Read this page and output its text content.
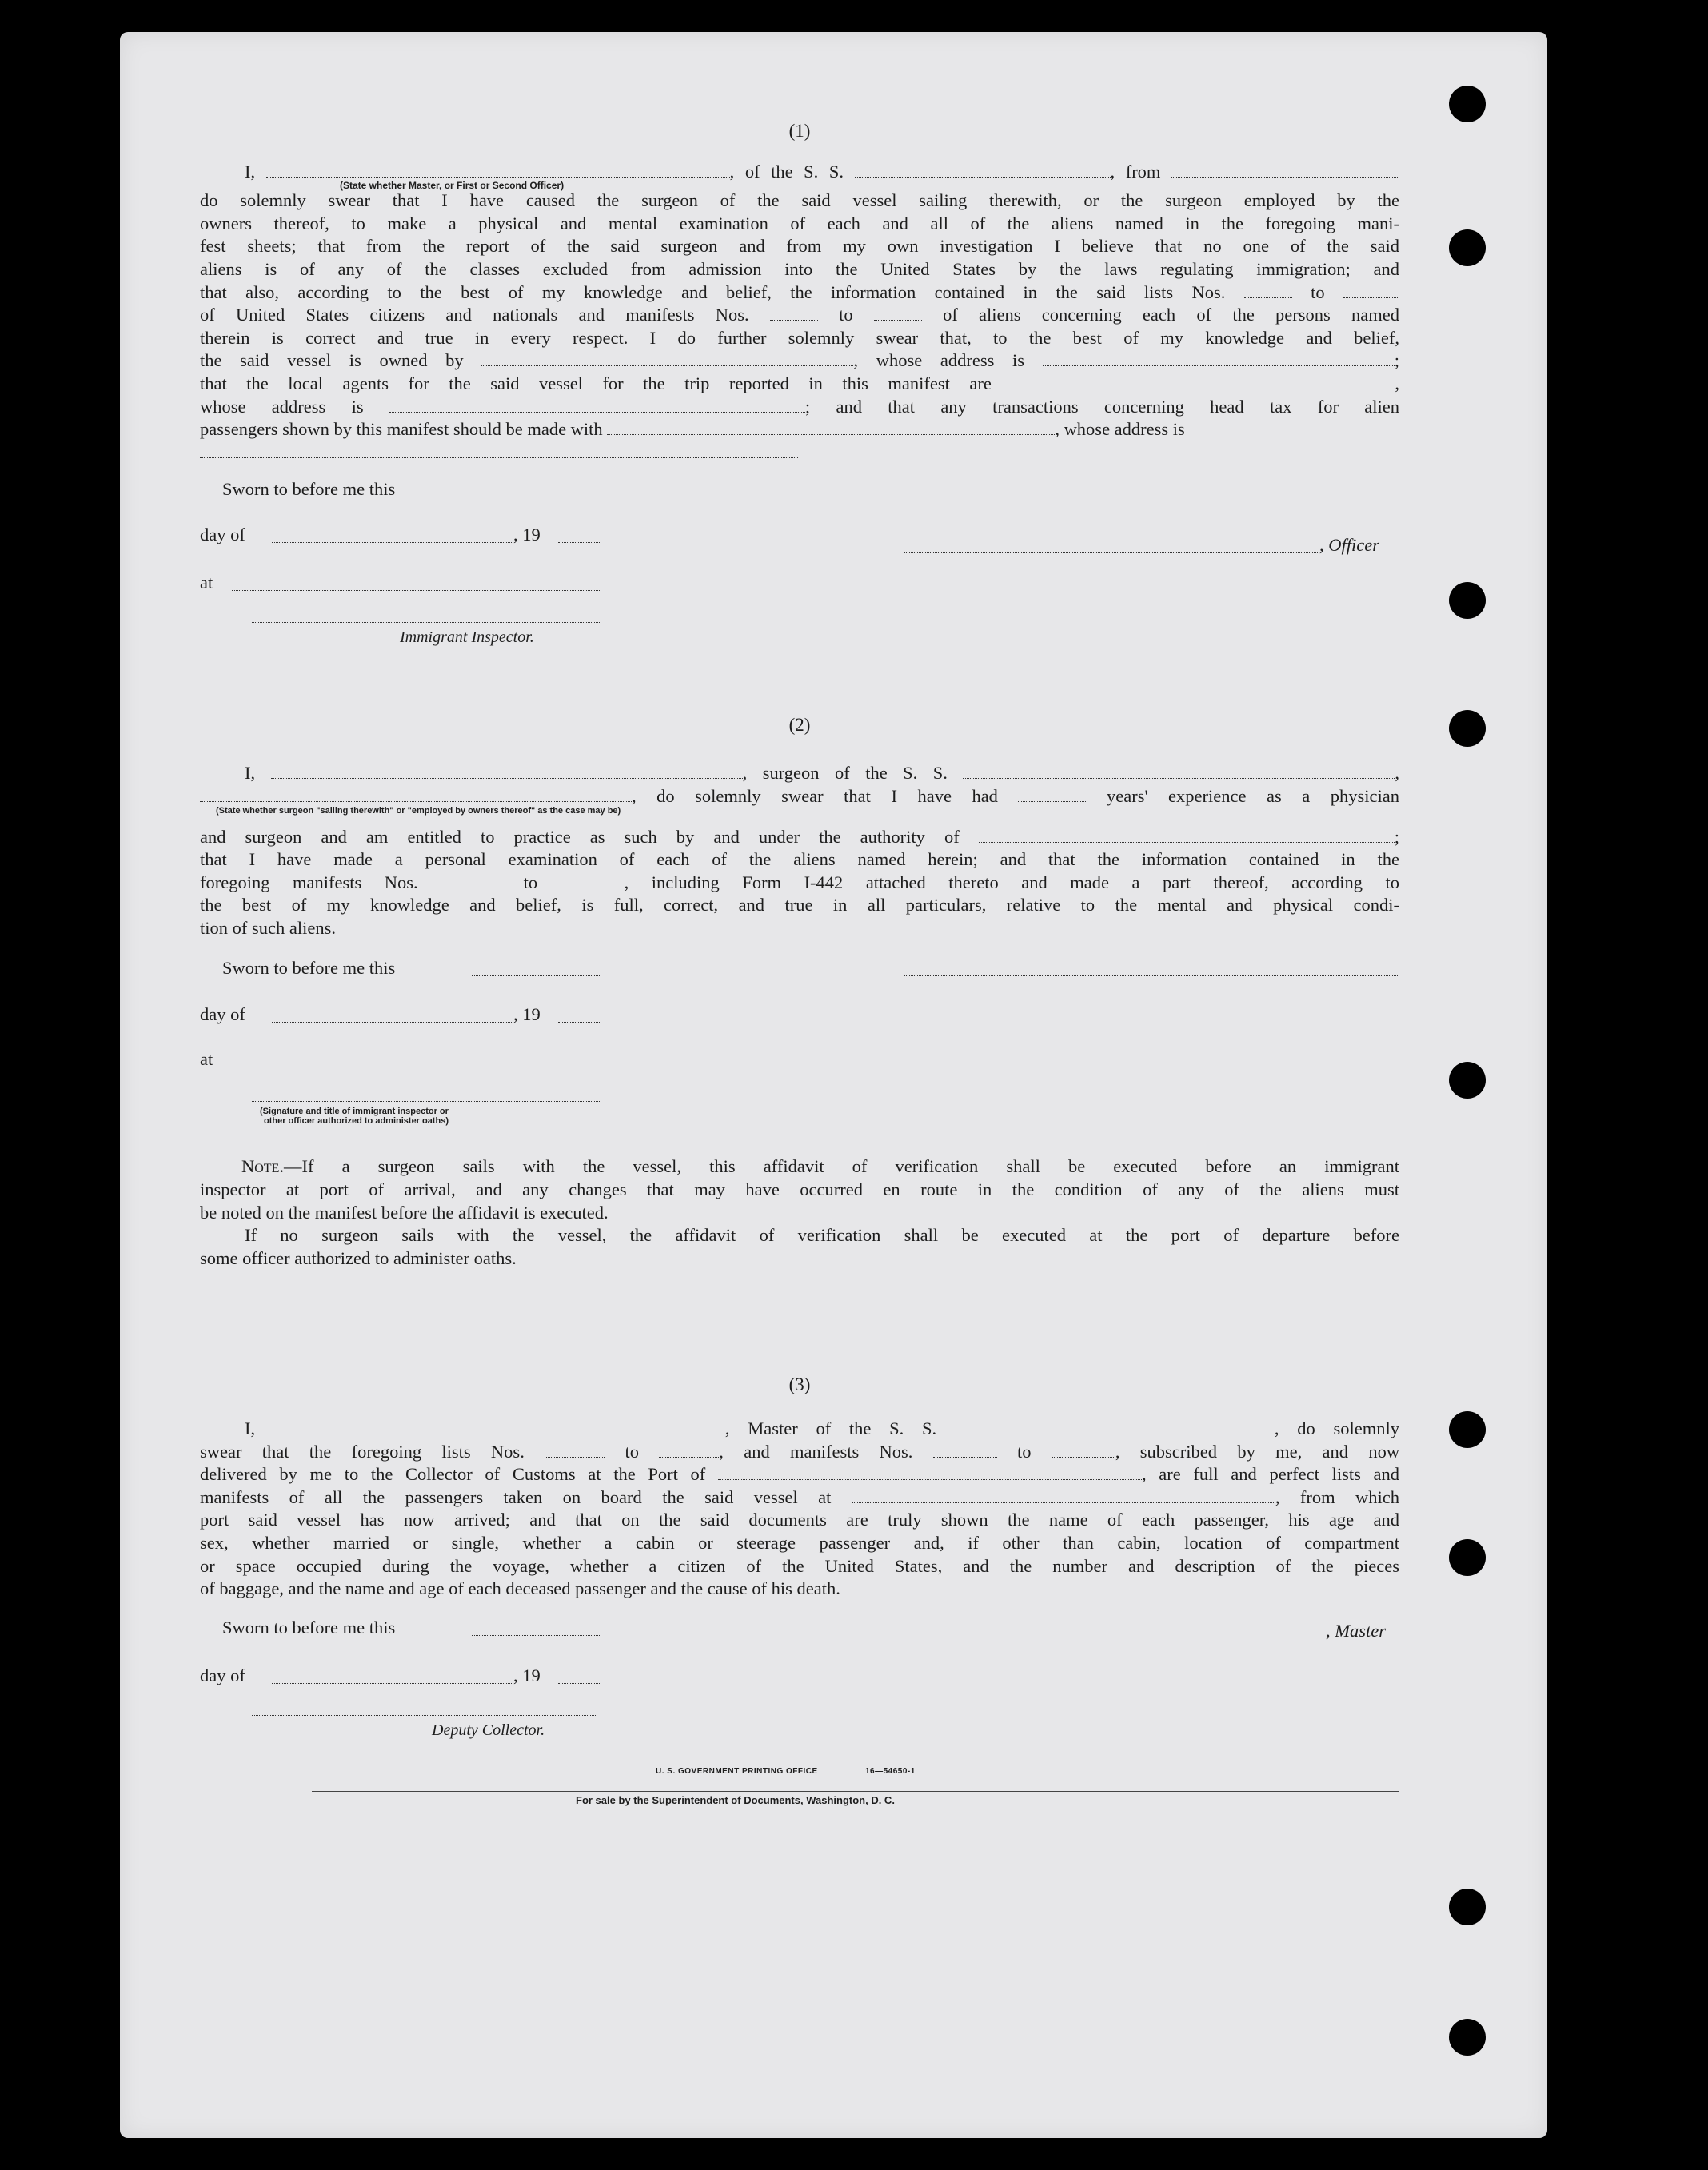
(1)

I,	, of the S. S.	, from

(State whether Master, or First or Second Officer)

do solemnly swear that I have caused the surgeon of the said vessel sailing therewith, or the surgeon employed by the

owners thereof, to make a physical and mental examination of each and all of the aliens named in the foregoing mani-

fest sheets; that from the report of the said surgeon and from my own investigation I believe that no one of the said

aliens is of any of the classes excluded from admission into the United States by the laws regulating immigration; and

that also, according to the best of my knowledge and belief, the information contained in the said lists Nos.	to

of United States citizens and nationals and manifests Nos.	to	of aliens concerning each of the persons named

therein is correct and true in every respect. I do further solemnly swear that, to the best of my knowledge and belief,

the said vessel is owned by	, whose address is	;

that the local agents for the said vessel for the trip reported in this manifest are	,

whose address is	; and that any transactions concerning head tax for alien

passengers shown by this manifest should be made with	, whose address is

Sworn to before me this
day of	, 19
, Officer
at
Immigrant Inspector.

(2)

I,	, surgeon of the S. S.	,

, do solemnly swear that I have had	years' experience as a physician

(State whether surgeon "sailing therewith" or "employed by owners thereof" as the case may be)

and surgeon and am entitled to practice as such by and under the authority of	;

that I have made a personal examination of each of the aliens named herein; and that the information contained in the

foregoing manifests Nos.	to	, including Form I-442 attached thereto and made a part thereof, according to

the best of my knowledge and belief, is full, correct, and true in all particulars, relative to the mental and physical condi-

tion of such aliens.

Sworn to before me this
day of	, 19
at
(Signature and title of immigrant inspector or
other officer authorized to administer oaths)

Note.—If a surgeon sails with the vessel, this affidavit of verification shall be executed before an immigrant

inspector at port of arrival, and any changes that may have occurred en route in the condition of any of the aliens must

be noted on the manifest before the affidavit is executed.

If no surgeon sails with the vessel, the affidavit of verification shall be executed at the port of departure before

some officer authorized to administer oaths.

(3)

I,	, Master of the S. S.	, do solemnly

swear that the foregoing lists Nos.	to	, and manifests Nos.	to	, subscribed by me, and now

delivered by me to the Collector of Customs at the Port of	, are full and perfect lists and

manifests of all the passengers taken on board the said vessel at	, from which

port said vessel has now arrived; and that on the said documents are truly shown the name of each passenger, his age and

sex, whether married or single, whether a cabin or steerage passenger and, if other than cabin, location of compartment

or space occupied during the voyage, whether a citizen of the United States, and the number and description of the pieces

of baggage, and the name and age of each deceased passenger and the cause of his death.

Sworn to before me this	, Master
day of	, 19
Deputy Collector.
U. S. GOVERNMENT PRINTING OFFICE	16—54650-1
For sale by the Superintendent of Documents, Washington, D. C.
